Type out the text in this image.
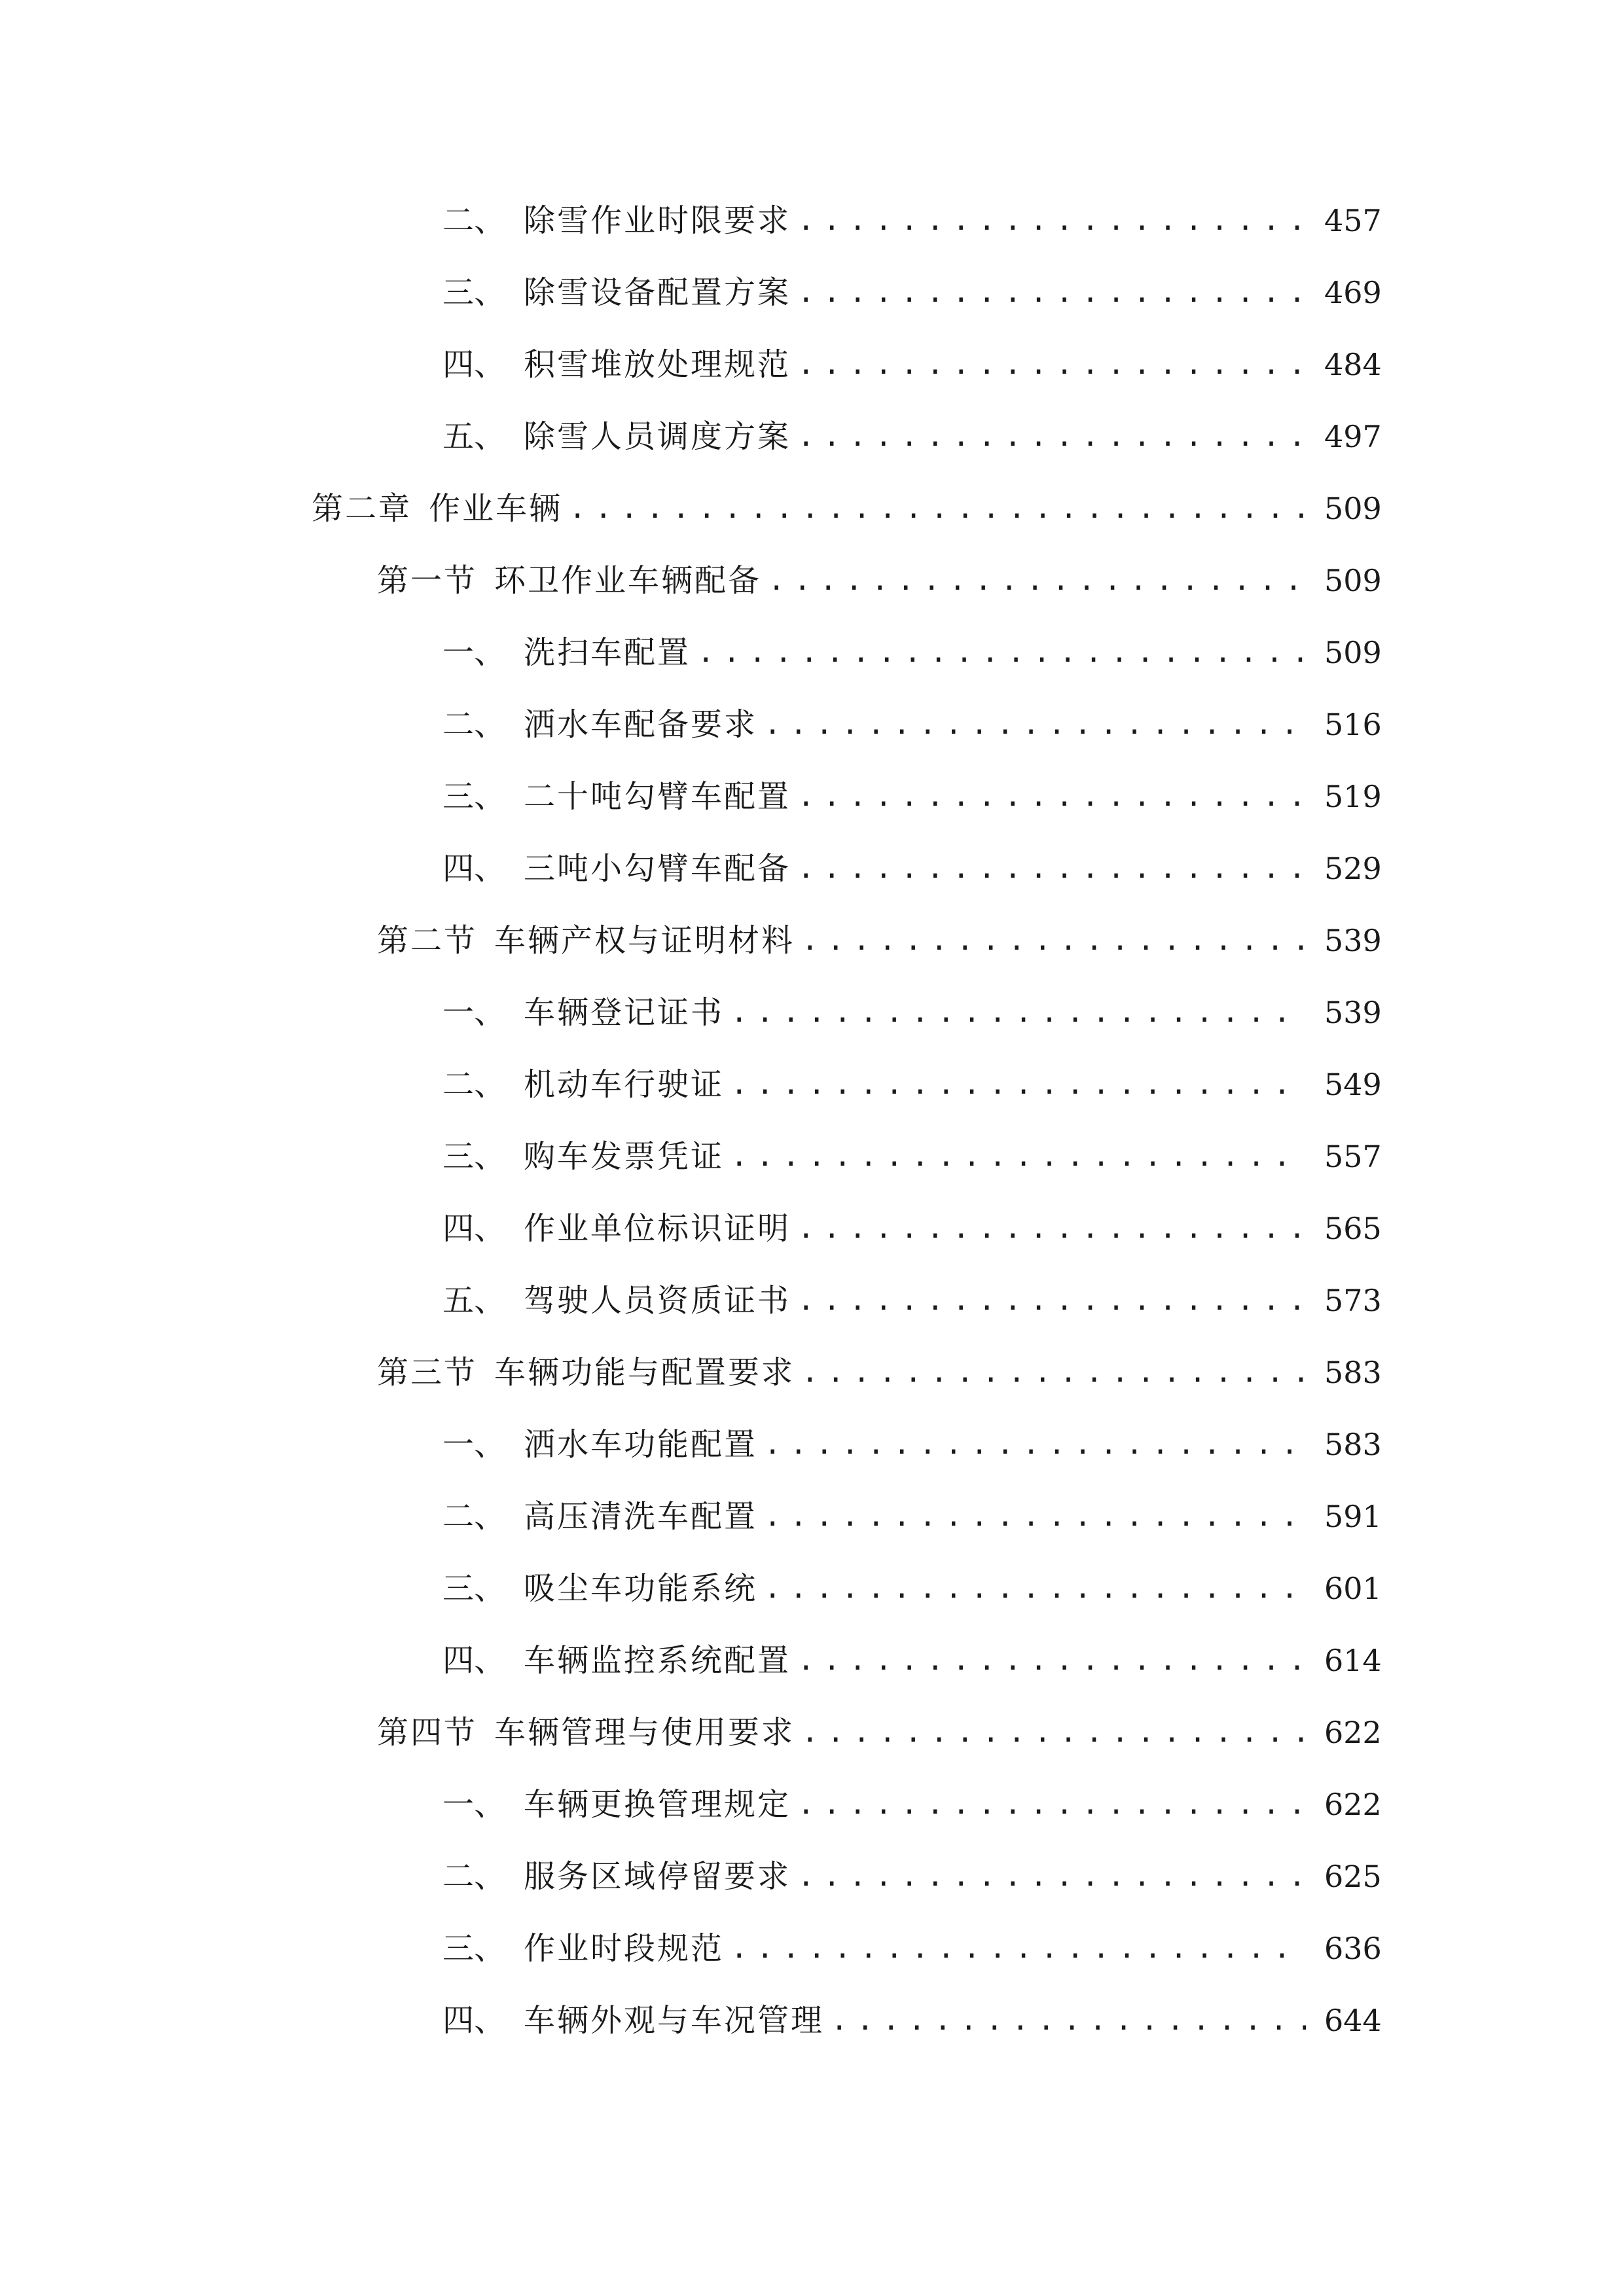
二、 除雪作业时限要求 .....	457
三、 除雪设备配置方案 .....	469
四、 积雪堆放处理规范 .....	484
五、 除雪人员调度方案 .....	497
第二章 作业车辆 .....	509
第一节 环卫作业车辆配备 .....	509
一、 洗扫车配置 .....	509
二、 洒水车配备要求 .....	516
三、 二十吨勾臂车配置 .....	519
四、 三吨小勾臂车配备 .....	529
第二节 车辆产权与证明材料 .....	539
一、 车辆登记证书 .....	539
二、 机动车行驶证 .....	549
三、 购车发票凭证 .....	557
四、 作业单位标识证明 .....	565
五、 驾驶人员资质证书 .....	573
第三节 车辆功能与配置要求 .....	583
一、 洒水车功能配置 .....	583
二、 高压清洗车配置 .....	591
三、 吸尘车功能系统 .....	601
四、 车辆监控系统配置 .....	614
第四节 车辆管理与使用要求 .....	622
一、 车辆更换管理规定 .....	622
二、 服务区域停留要求 .....	625
三、 作业时段规范 .....	636
四、 车辆外观与车况管理 .....	644
